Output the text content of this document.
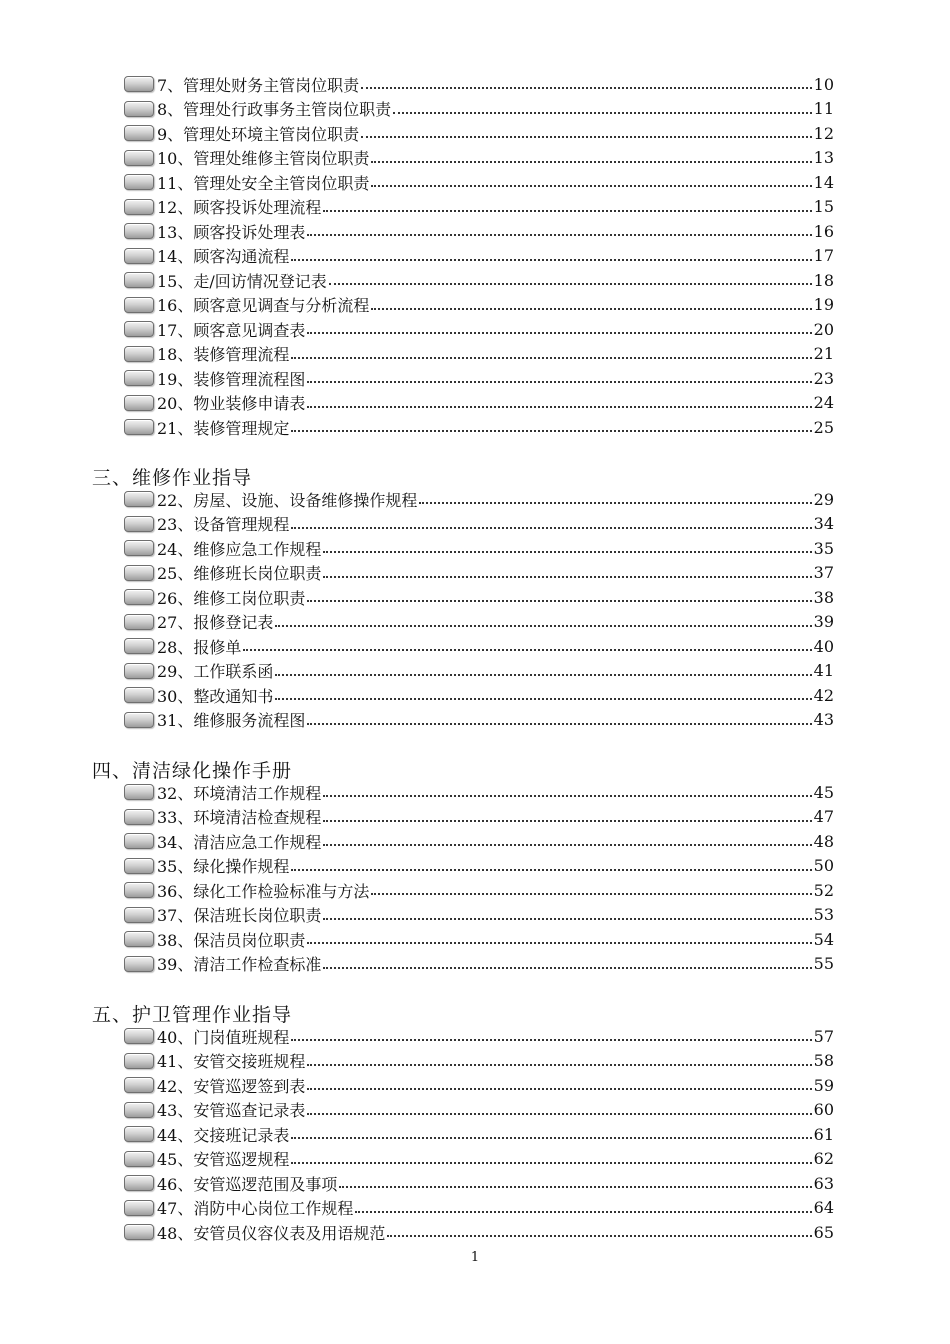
7、管理处财务主管岗位职责	10
8、管理处行政事务主管岗位职责	11
9、管理处环境主管岗位职责	12
10、管理处维修主管岗位职责	13
11、管理处安全主管岗位职责	14
12、顾客投诉处理流程	15
13、顾客投诉处理表	16
14、顾客沟通流程	17
15、走/回访情况登记表	18
16、顾客意见调查与分析流程	19
17、顾客意见调查表	20
18、装修管理流程	21
19、装修管理流程图	23
20、物业装修申请表	24
21、装修管理规定	25
三、维修作业指导
22、房屋、设施、设备维修操作规程	29
23、设备管理规程	34
24、维修应急工作规程	35
25、维修班长岗位职责	37
26、维修工岗位职责	38
27、报修登记表	39
28、报修单	40
29、工作联系函	41
30、整改通知书	42
31、维修服务流程图	43
四、清洁绿化操作手册
32、环境清洁工作规程	45
33、环境清洁检查规程	47
34、清洁应急工作规程	48
35、绿化操作规程	50
36、绿化工作检验标准与方法	52
37、保洁班长岗位职责	53
38、保洁员岗位职责	54
39、清洁工作检查标准	55
五、护卫管理作业指导
40、门岗值班规程	57
41、安管交接班规程	58
42、安管巡逻签到表	59
43、安管巡查记录表	60
44、交接班记录表	61
45、安管巡逻规程	62
46、安管巡逻范围及事项	63
47、消防中心岗位工作规程	64
48、安管员仪容仪表及用语规范	65
1
